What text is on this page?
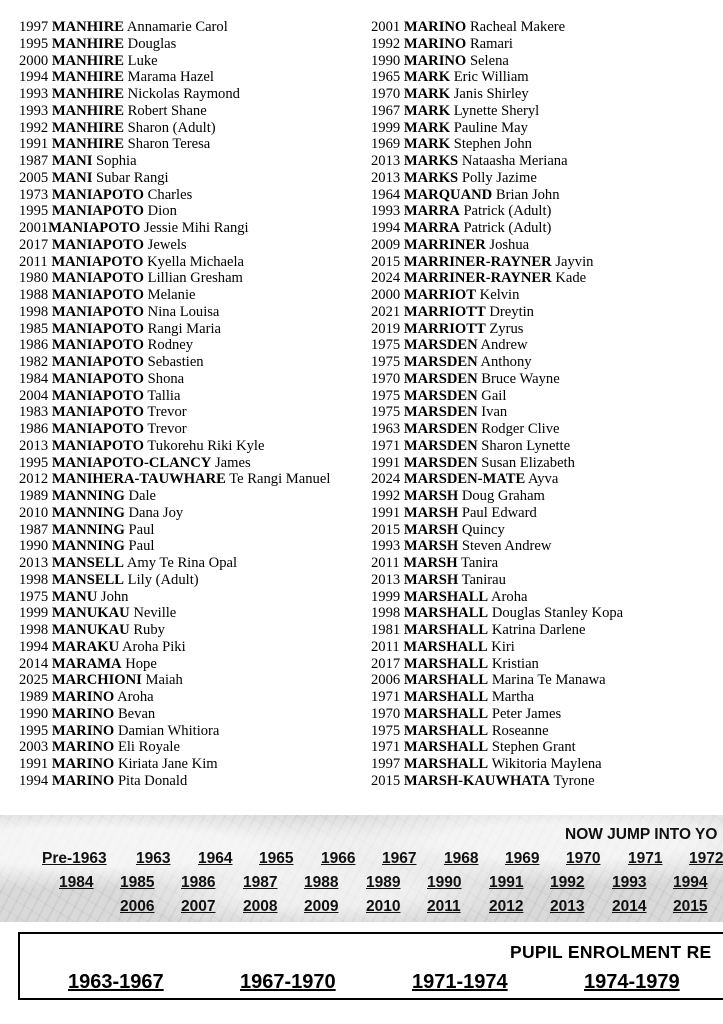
1997 MANHIRE Annamarie Carol
1995 MANHIRE Douglas
2000 MANHIRE Luke
1994 MANHIRE Marama Hazel
1993 MANHIRE Nickolas Raymond
1993 MANHIRE Robert Shane
1992 MANHIRE Sharon (Adult)
1991 MANHIRE Sharon Teresa
1987 MANI Sophia
2005 MANI Subar Rangi
1973 MANIAPOTO Charles
1995 MANIAPOTO Dion
2001MANIAPOTO Jessie Mihi Rangi
2017 MANIAPOTO Jewels
2011 MANIAPOTO Kyella Michaela
1980 MANIAPOTO Lillian Gresham
1988 MANIAPOTO Melanie
1998 MANIAPOTO Nina Louisa
1985 MANIAPOTO Rangi Maria
1986 MANIAPOTO Rodney
1982 MANIAPOTO Sebastien
1984 MANIAPOTO Shona
2004 MANIAPOTO Tallia
1983 MANIAPOTO Trevor
1986 MANIAPOTO Trevor
2013 MANIAPOTO Tukorehu Riki Kyle
1995 MANIAPOTO-CLANCY James
2012 MANIHERA-TAUWHARE Te Rangi Manuel
1989 MANNING Dale
2010 MANNING Dana Joy
1987 MANNING Paul
1990 MANNING Paul
2013 MANSELL Amy Te Rina Opal
1998 MANSELL Lily (Adult)
1975 MANU John
1999 MANUKAU Neville
1998 MANUKAU Ruby
1994 MARAKU Aroha Piki
2014 MARAMA Hope
2025 MARCHIONI Maiah
1989 MARINO Aroha
1990 MARINO Bevan
1995 MARINO Damian Whitiora
2003 MARINO Eli Royale
1991 MARINO Kiriata Jane Kim
1994 MARINO Pita Donald
2001 MARINO Racheal Makere
1992 MARINO Ramari
1990 MARINO Selena
1965 MARK Eric William
1970 MARK Janis Shirley
1967 MARK Lynette Sheryl
1999 MARK Pauline May
1969 MARK Stephen John
2013 MARKS Nataasha Meriana
2013 MARKS Polly Jazime
1964 MARQUAND Brian John
1993 MARRA Patrick (Adult)
1994 MARRA Patrick (Adult)
2009 MARRINER Joshua
2015 MARRINER-RAYNER Jayvin
2024 MARRINER-RAYNER Kade
2000 MARRIOT Kelvin
2021 MARRIOTT Dreytin
2019 MARRIOTT Zyrus
1975 MARSDEN Andrew
1975 MARSDEN Anthony
1970 MARSDEN Bruce Wayne
1975 MARSDEN Gail
1975 MARSDEN Ivan
1963 MARSDEN Rodger Clive
1971 MARSDEN Sharon Lynette
1991 MARSDEN Susan Elizabeth
2024 MARSDEN-MATE Ayva
1992 MARSH Doug Graham
1991 MARSH Paul Edward
2015 MARSH Quincy
1993 MARSH Steven Andrew
2011 MARSH Tanira
2013 MARSH Tanirau
1999 MARSHALL Aroha
1998 MARSHALL Douglas Stanley Kopa
1981 MARSHALL Katrina Darlene
2011 MARSHALL Kiri
2017 MARSHALL Kristian
2006 MARSHALL Marina Te Manawa
1971 MARSHALL Martha
1970 MARSHALL Peter James
1975 MARSHALL Roseanne
1971 MARSHALL Stephen Grant
1997 MARSHALL Wikitoria Maylena
2015 MARSH-KAUWHATA Tyrone
NOW JUMP INTO YO
Pre-1963 1963 1964 1965 1966 1967 1968 1969 1970 1971 1972
1984 1985 1986 1987 1988 1989 1990 1991 1992 1993 1994
2006 2007 2008 2009 2010 2011 2012 2013 2014 2015
PUPIL ENROLMENT RE
1963-1967	1967-1970	1971-1974	1974-1979
